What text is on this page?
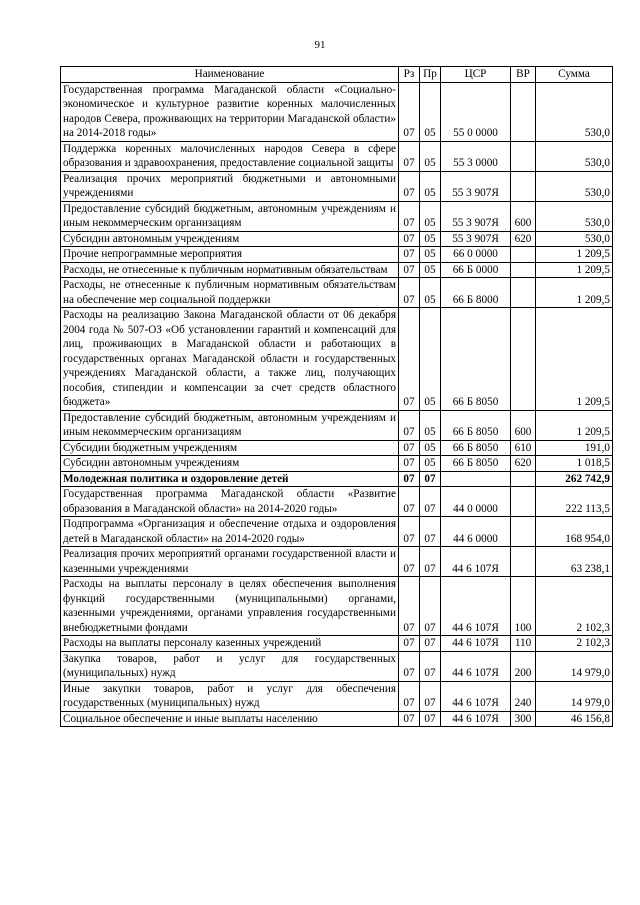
91
Наименование	Рз	Пр	ЦСР	ВР	Сумма
Государственная программа Магаданской области «Социально-экономическое и культурное развитие коренных малочисленных народов Севера, проживающих на территории Магаданской области» на 2014-2018 годы»	07	05	55 0 0000		530,0
Поддержка коренных малочисленных народов Севера в сфере образования и здравоохранения, предоставление социальной защиты	07	05	55 3 0000		530,0
Реализация прочих мероприятий бюджетными и автономными учреждениями	07	05	55 3 907Я		530,0
Предоставление субсидий бюджетным, автономным учреждениям и иным некоммерческим организациям	07	05	55 3 907Я	600	530,0
Субсидии автономным учреждениям	07	05	55 3 907Я	620	530,0
Прочие непрограммные мероприятия	07	05	66 0 0000		1 209,5
Расходы, не отнесенные к публичным нормативным обязательствам	07	05	66 Б 0000		1 209,5
Расходы, не отнесенные к публичным нормативным обязательствам на обеспечение мер социальной поддержки	07	05	66 Б 8000		1 209,5
Расходы на реализацию Закона Магаданской области от 06 декабря 2004 года № 507-ОЗ «Об установлении гарантий и компенсаций для лиц, проживающих в Магаданской области и работающих в государственных органах Магаданской области и государственных учреждениях Магаданской области, а также лиц, получающих пособия, стипендии и компенсации за счет средств областного бюджета»	07	05	66 Б 8050		1 209,5
Предоставление субсидий бюджетным, автономным учреждениям и иным некоммерческим организациям	07	05	66 Б 8050	600	1 209,5
Субсидии бюджетным учреждениям	07	05	66 Б 8050	610	191,0
Субсидии автономным учреждениям	07	05	66 Б 8050	620	1 018,5
Молодежная политика и оздоровление детей	07	07			262 742,9
Государственная программа Магаданской области «Развитие образования в Магаданской области» на 2014-2020 годы»	07	07	44 0 0000		222 113,5
Подпрограмма «Организация и обеспечение отдыха и оздоровления детей в Магаданской области» на 2014-2020 годы»	07	07	44 6 0000		168 954,0
Реализация прочих мероприятий органами государственной власти и казенными учреждениями	07	07	44 6 107Я		63 238,1
Расходы на выплаты персоналу в целях обеспечения выполнения функций государственными (муниципальными) органами, казенными учреждениями, органами управления государственными внебюджетными фондами	07	07	44 6 107Я	100	2 102,3
Расходы на выплаты персоналу казенных учреждений	07	07	44 6 107Я	110	2 102,3
Закупка товаров, работ и услуг для государственных (муниципальных) нужд	07	07	44 6 107Я	200	14 979,0
Иные закупки товаров, работ и услуг для обеспечения государственных (муниципальных) нужд	07	07	44 6 107Я	240	14 979,0
Социальное обеспечение и иные выплаты населению	07	07	44 6 107Я	300	46 156,8
